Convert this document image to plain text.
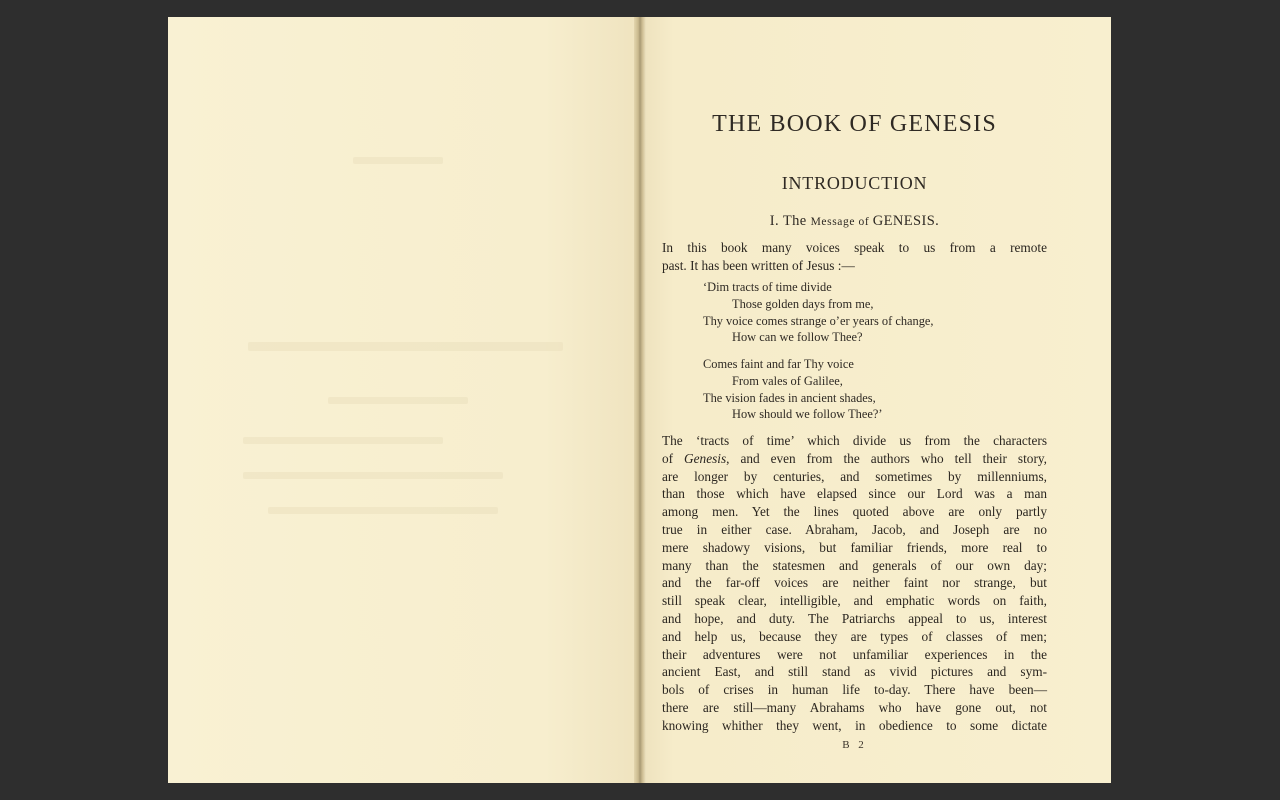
THE BOOK OF GENESIS
INTRODUCTION
I. The Message of GENESIS.
In this book many voices speak to us from a remote
past. It has been written of Jesus :—
‘Dim tracts of time divide
Those golden days from me,
Thy voice comes strange o’er years of change,
How can we follow Thee?
Comes faint and far Thy voice
From vales of Galilee,
The vision fades in ancient shades,
How should we follow Thee?’
The ‘tracts of time’ which divide us from the characters
of Genesis, and even from the authors who tell their story,
are longer by centuries, and sometimes by millenniums,
than those which have elapsed since our Lord was a man
among men. Yet the lines quoted above are only partly
true in either case. Abraham, Jacob, and Joseph are no
mere shadowy visions, but familiar friends, more real to
many than the statesmen and generals of our own day;
and the far-off voices are neither faint nor strange, but
still speak clear, intelligible, and emphatic words on faith,
and hope, and duty. The Patriarchs appeal to us, interest
and help us, because they are types of classes of men;
their adventures were not unfamiliar experiences in the
ancient East, and still stand as vivid pictures and sym-
bols of crises in human life to-day. There have been—
there are still—many Abrahams who have gone out, not
knowing whither they went, in obedience to some dictate
B 2
